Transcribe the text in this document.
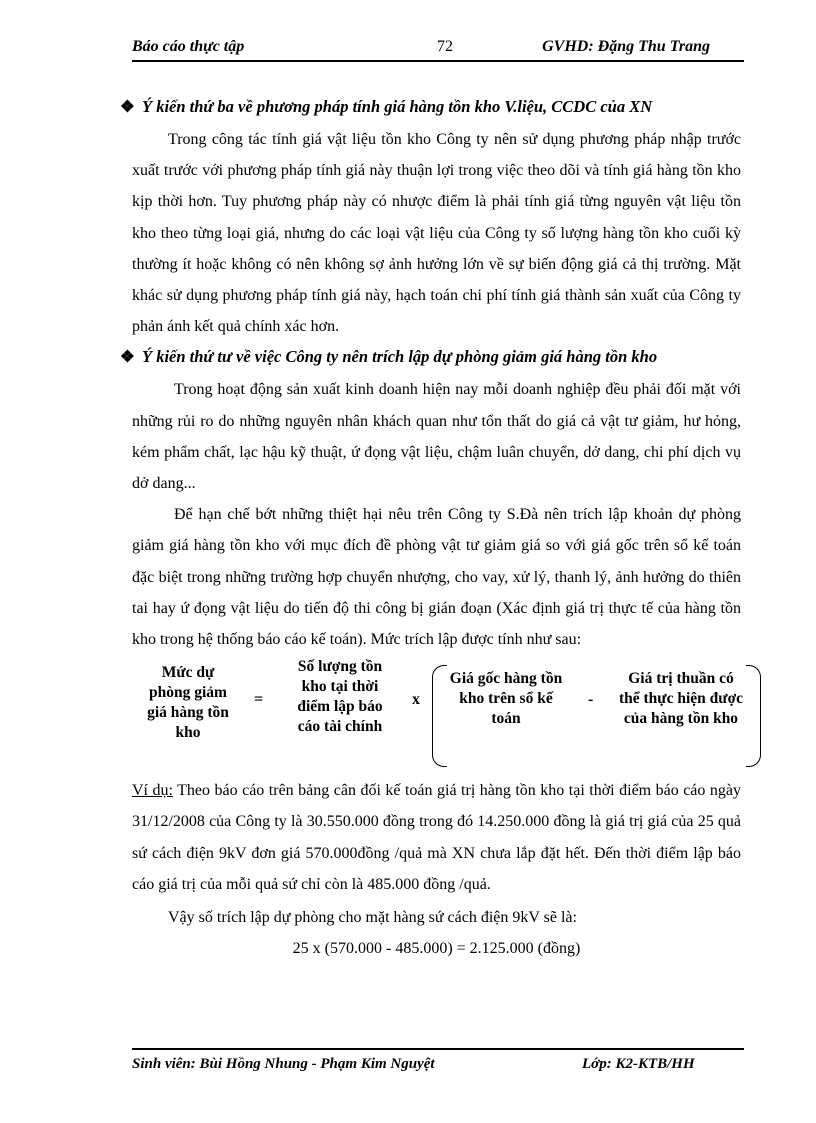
Báo cáo thực tập	72	GVHD: Đặng Thu Trang
❖ Ý kiến thứ ba về phương pháp tính giá hàng tồn kho V.liệu, CCDC của XN

Trong công tác tính giá vật liệu tồn kho Công ty nên sử dụng phương pháp nhập trước xuất trước với phương pháp tính giá này thuận lợi trong việc theo dõi và tính giá hàng tồn kho kịp thời hơn. Tuy phương pháp này có nhược điểm là phải tính giá từng nguyên vật liệu tồn kho theo từng loại giá, nhưng do các loại vật liệu của Công ty số lượng hàng tồn kho cuối kỳ thường ít hoặc không có nên không sợ ảnh hưởng lớn về sự biến động giá cả thị trường. Mặt khác sử dụng phương pháp tính giá này, hạch toán chi phí tính giá thành sản xuất của Công ty phản ánh kết quả chính xác hơn.

❖ Ý kiến thứ tư về việc Công ty nên trích lập dự phòng giảm giá hàng tồn kho

Trong hoạt động sản xuất kinh doanh hiện nay mỗi doanh nghiệp đều phải đối mặt với những rủi ro do những nguyên nhân khách quan như tổn thất do giá cả vật tư giảm, hư hỏng, kém phẩm chất, lạc hậu kỹ thuật, ứ đọng vật liệu, chậm luân chuyển, dở dang, chi phí dịch vụ dở dang...

Để hạn chế bớt những thiệt hại nêu trên Công ty S.Đà nên trích lập khoản dự phòng giảm giá hàng tồn kho với mục đích đề phòng vật tư giảm giá so với giá gốc trên sổ kế toán đặc biệt trong những trường hợp chuyển nhượng, cho vay, xử lý, thanh lý, ảnh hưởng do thiên tai hay ứ đọng vật liệu do tiến độ thi công bị gián đoạn (Xác định giá trị thực tế của hàng tồn kho trong hệ thống báo cáo kế toán). Mức trích lập được tính như sau:

Mức dự
phòng giảm
giá hàng tồn
kho
=
Số lượng tồn
kho tại thời
điểm lập báo
cáo tài chính
x
Giá gốc hàng tồn
kho trên sổ kế
toán
-
Giá trị thuần có
thể thực hiện được
của hàng tồn kho

Ví dụ: Theo báo cáo trên bảng cân đối kế toán giá trị hàng tồn kho tại thời điểm báo cáo ngày 31/12/2008 của Công ty là 30.550.000 đồng trong đó 14.250.000 đồng là giá trị giá của 25 quả sứ cách điện 9kV đơn giá 570.000đồng /quả mà XN chưa lắp đặt hết. Đến thời điểm lập báo cáo giá trị của mỗi quả sứ chỉ còn là 485.000 đồng /quả.

Vậy số trích lập dự phòng cho mặt hàng sứ cách điện 9kV sẽ là:

25 x (570.000 - 485.000) = 2.125.000 (đồng)

Sinh viên: Bùi Hồng Nhung - Phạm Kim Nguyệt	Lớp: K2-KTB/HH
